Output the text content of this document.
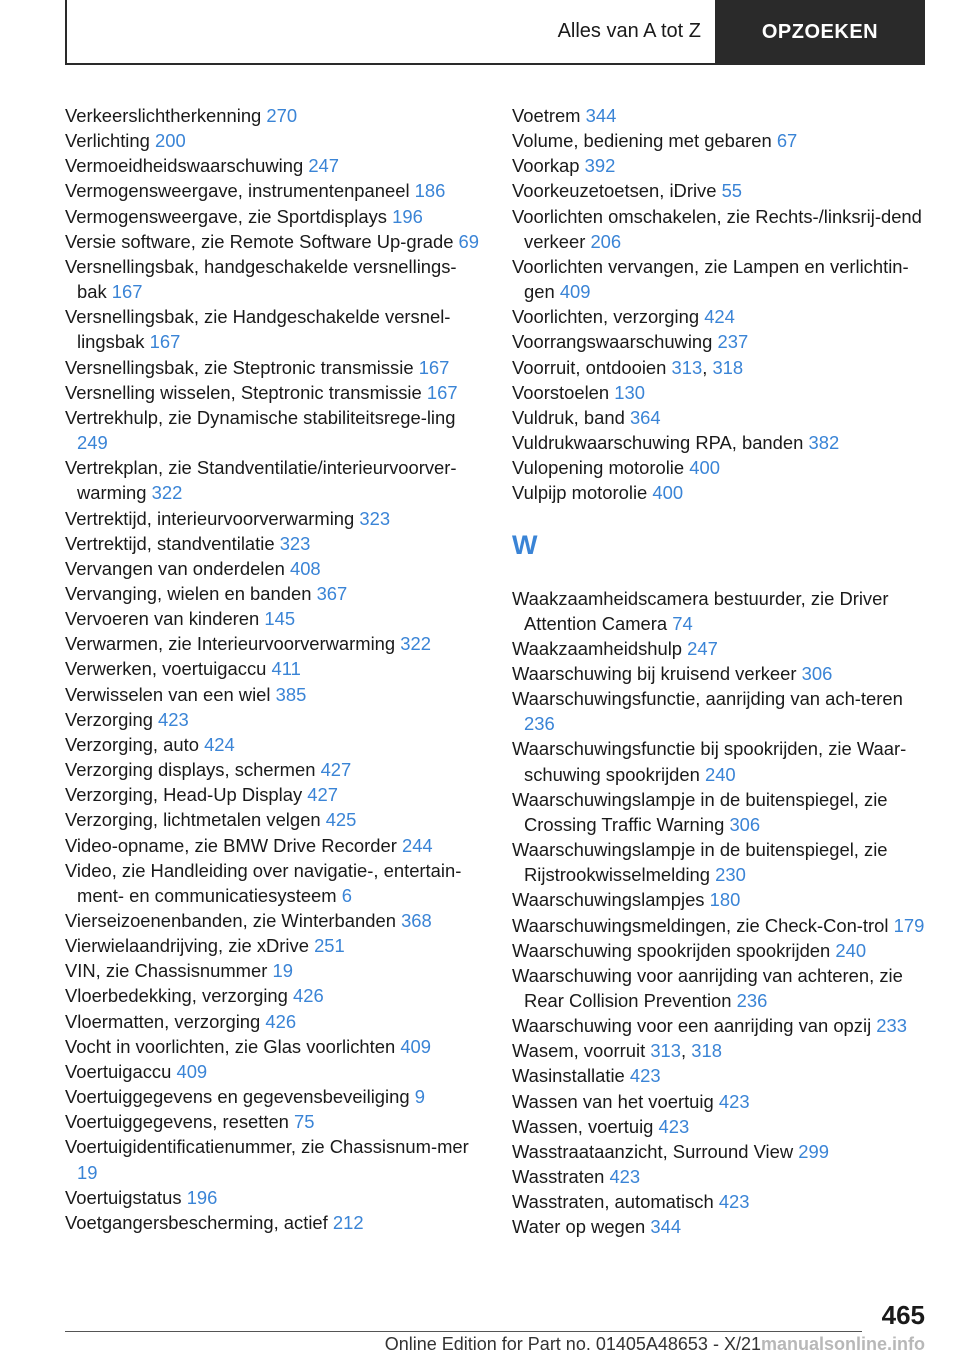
Alles van A tot Z	OPZOEKEN

Verkeerslichtherkenning 270

Verlichting 200

Vermoeidheidswaarschuwing 247

Vermogensweergave, instrumentenpaneel 186

Vermogensweergave, zie Sportdisplays 196

Versie software, zie Remote Software Up‐grade 69

Versnellingsbak, handgeschakelde versnellings‐bak 167

Versnellingsbak, zie Handgeschakelde versnel‐lingsbak 167

Versnellingsbak, zie Steptronic transmissie 167

Versnelling wisselen, Steptronic transmissie 167

Vertrekhulp, zie Dynamische stabiliteitsrege‐ling 249

Vertrekplan, zie Standventilatie/interieurvoorver‐warming 322

Vertrektijd, interieurvoorverwarming 323

Vertrektijd, standventilatie 323

Vervangen van onderdelen 408

Vervanging, wielen en banden 367

Vervoeren van kinderen 145

Verwarmen, zie Interieurvoorverwarming 322

Verwerken, voertuigaccu 411

Verwisselen van een wiel 385

Verzorging 423

Verzorging, auto 424

Verzorging displays, schermen 427

Verzorging, Head-Up Display 427

Verzorging, lichtmetalen velgen 425

Video-opname, zie BMW Drive Recorder 244

Video, zie Handleiding over navigatie-, entertain‐ment- en communicatiesysteem 6

Vierseizoenenbanden, zie Winterbanden 368

Vierwielaandrijving, zie xDrive 251

VIN, zie Chassisnummer 19

Vloerbedekking, verzorging 426

Vloermatten, verzorging 426

Vocht in voorlichten, zie Glas voorlichten 409

Voertuigaccu 409

Voertuiggegevens en gegevensbeveiliging 9

Voertuiggegevens, resetten 75

Voertuigidentificatienummer, zie Chassisnum‐mer 19

Voertuigstatus 196

Voetgangersbescherming, actief 212

Voetrem 344

Volume, bediening met gebaren 67

Voorkap 392

Voorkeuzetoetsen, iDrive 55

Voorlichten omschakelen, zie Rechts-/linksrij‐dend verkeer 206

Voorlichten vervangen, zie Lampen en verlichtin‐gen 409

Voorlichten, verzorging 424

Voorrangswaarschuwing 237

Voorruit, ontdooien 313, 318

Voorstoelen 130

Vuldruk, band 364

Vuldrukwaarschuwing RPA, banden 382

Vulopening motorolie 400

Vulpijp motorolie 400

W

Waakzaamheidscamera bestuurder, zie Driver Attention Camera 74

Waakzaamheidshulp 247

Waarschuwing bij kruisend verkeer 306

Waarschuwingsfunctie, aanrijding van ach‐teren 236

Waarschuwingsfunctie bij spookrijden, zie Waar‐schuwing spookrijden 240

Waarschuwingslampje in de buitenspiegel, zie Crossing Traffic Warning 306

Waarschuwingslampje in de buitenspiegel, zie Rijstrookwisselmelding 230

Waarschuwingslampjes 180

Waarschuwingsmeldingen, zie Check-Con‐trol 179

Waarschuwing spookrijden spookrijden 240

Waarschuwing voor aanrijding van achteren, zie Rear Collision Prevention 236

Waarschuwing voor een aanrijding van opzij 233

Wasem, voorruit 313, 318

Wasinstallatie 423

Wassen van het voertuig 423

Wassen, voertuig 423

Wasstraataanzicht, Surround View 299

Wasstraten 423

Wasstraten, automatisch 423

Water op wegen 344

465
Online Edition for Part no. 01405A48653 - X/21manualsonline.info
